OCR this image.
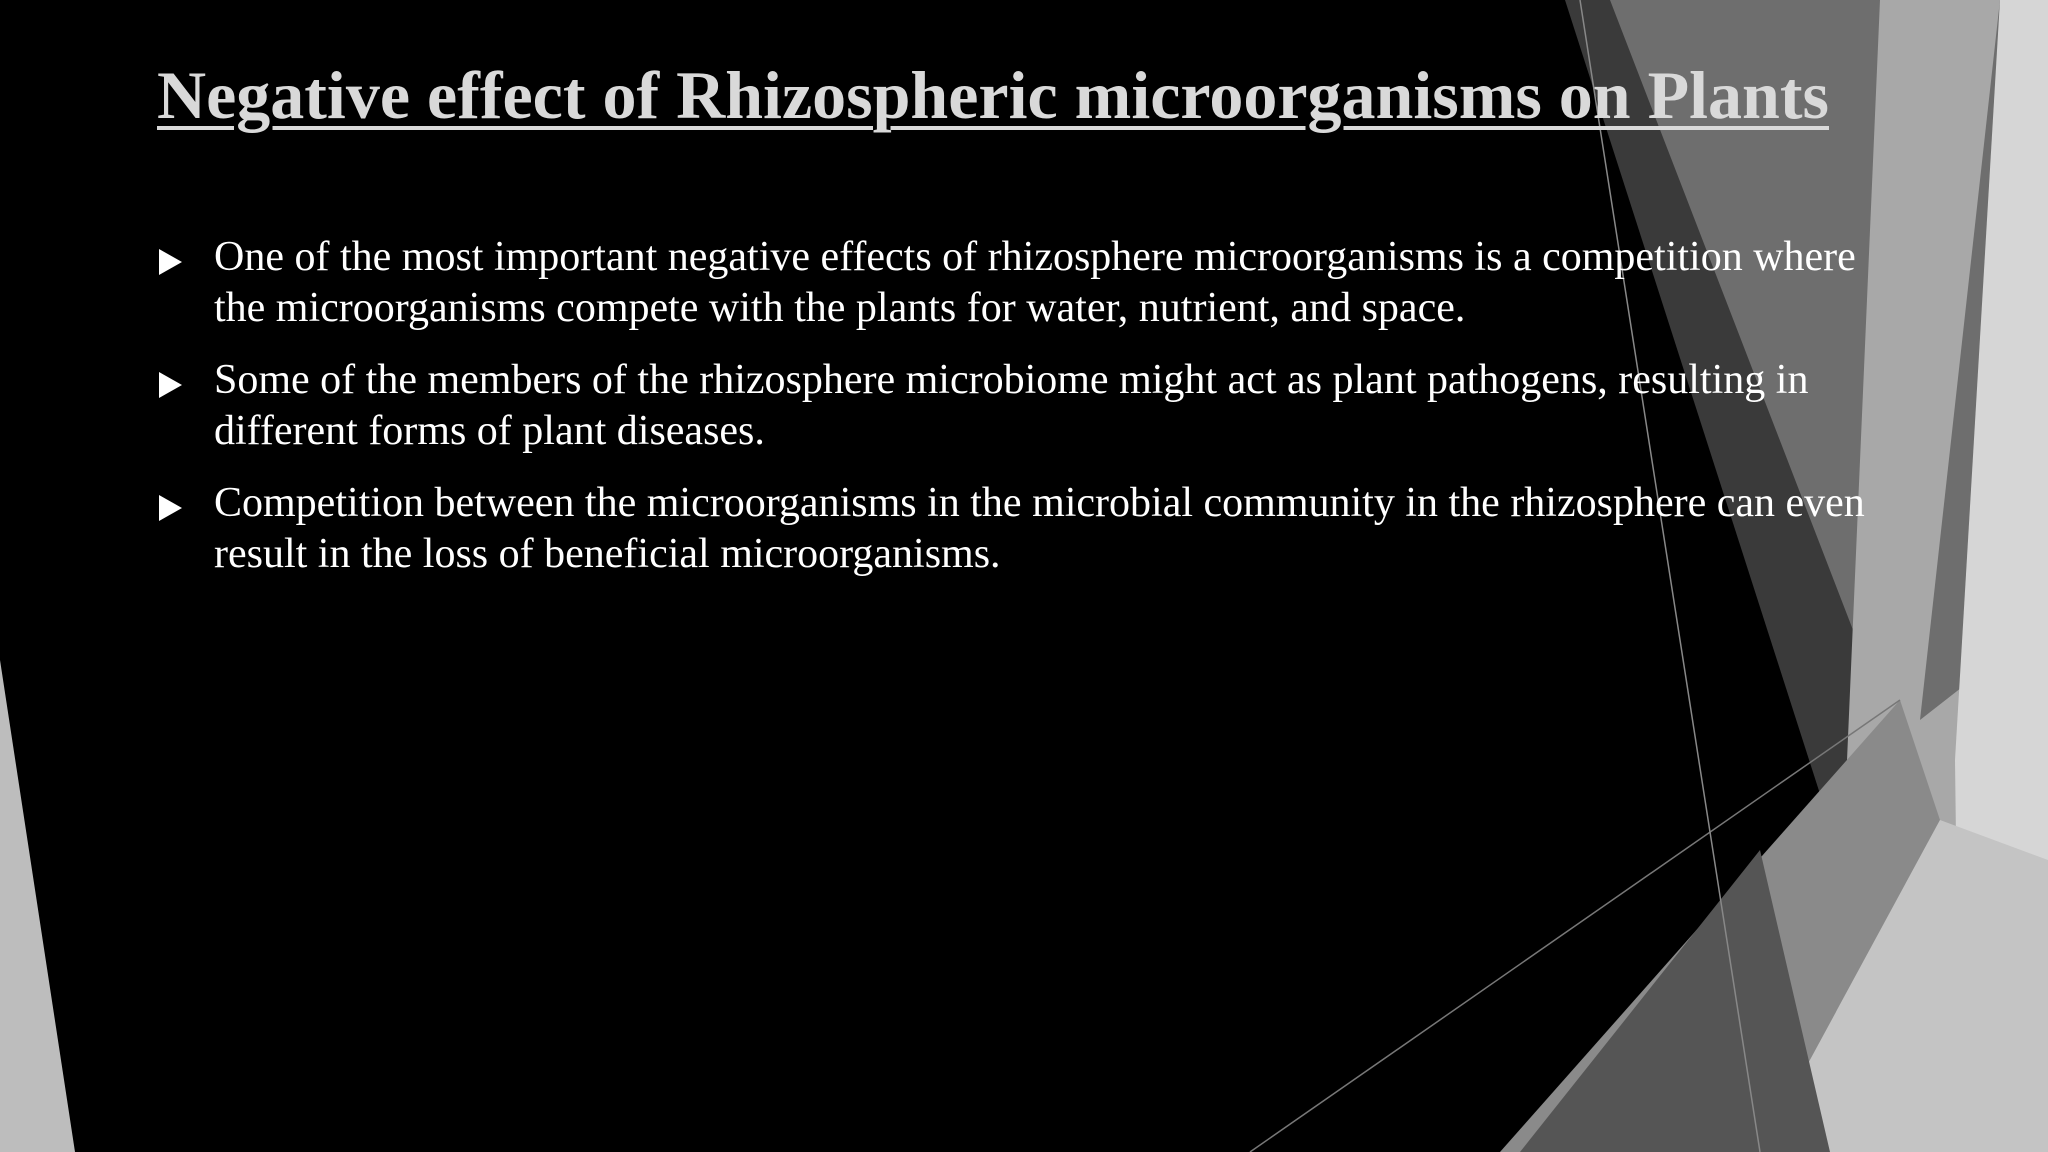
Negative effect of Rhizospheric microorganisms on Plants
One of the most important negative effects of rhizosphere microorganisms is a competition where the microorganisms compete with the plants for water, nutrient, and space.
Some of the members of the rhizosphere microbiome might act as plant pathogens, resulting in different forms of plant diseases.
Competition between the microorganisms in the microbial community in the rhizosphere can even result in the loss of beneficial microorganisms.
